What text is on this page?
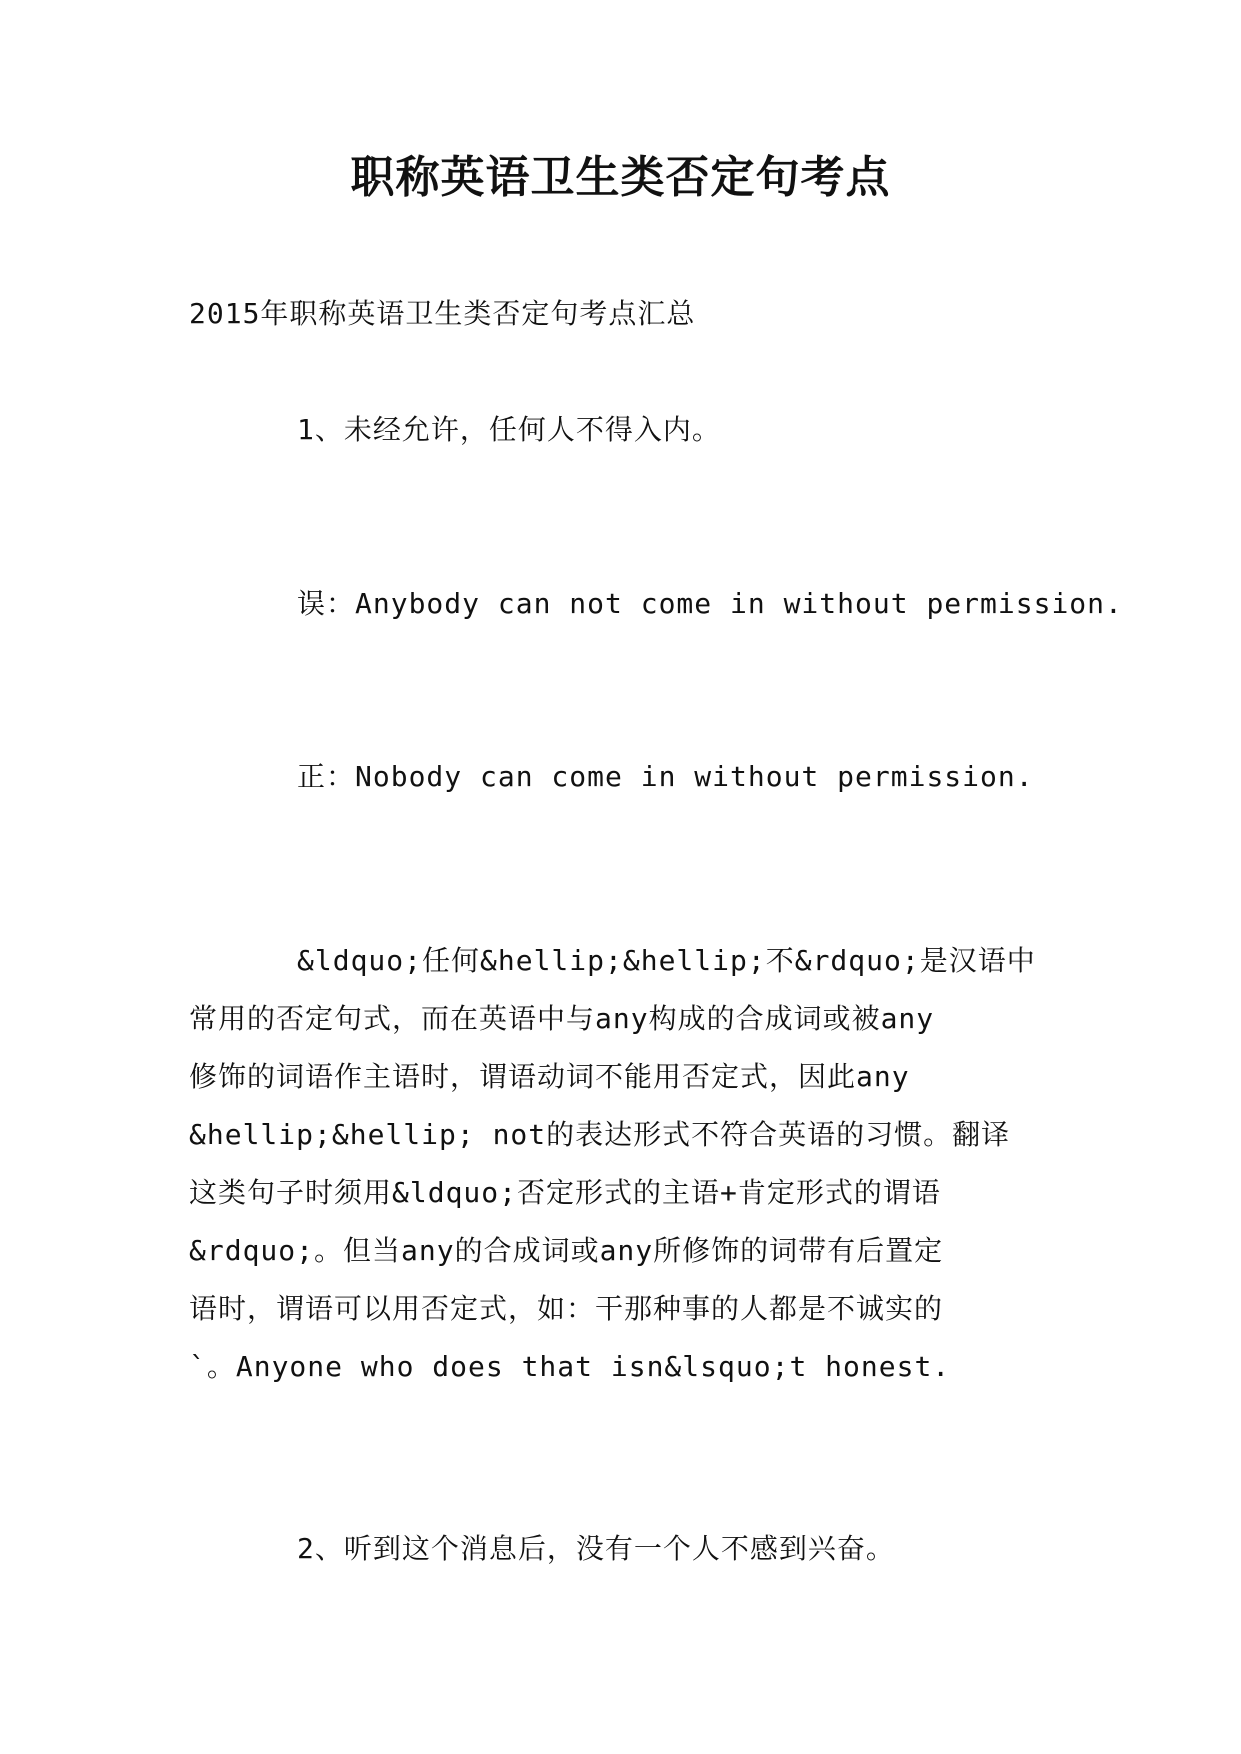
职称英语卫生类否定句考点
2015年职称英语卫生类否定句考点汇总
1、未经允许，任何人不得入内。
误：Anybody can not come in without permission.
正：Nobody can come in without permission.
&ldquo;任何&hellip;&hellip;不&rdquo;是汉语中
常用的否定句式，而在英语中与any构成的合成词或被any
修饰的词语作主语时，谓语动词不能用否定式，因此any
&hellip;&hellip; not的表达形式不符合英语的习惯。翻译
这类句子时须用&ldquo;否定形式的主语+肯定形式的谓语
&rdquo;。但当any的合成词或any所修饰的词带有后置定
语时，谓语可以用否定式，如：干那种事的人都是不诚实的
`。Anyone who does that isn&lsquo;t honest.
2、听到这个消息后，没有一个人不感到兴奋。
